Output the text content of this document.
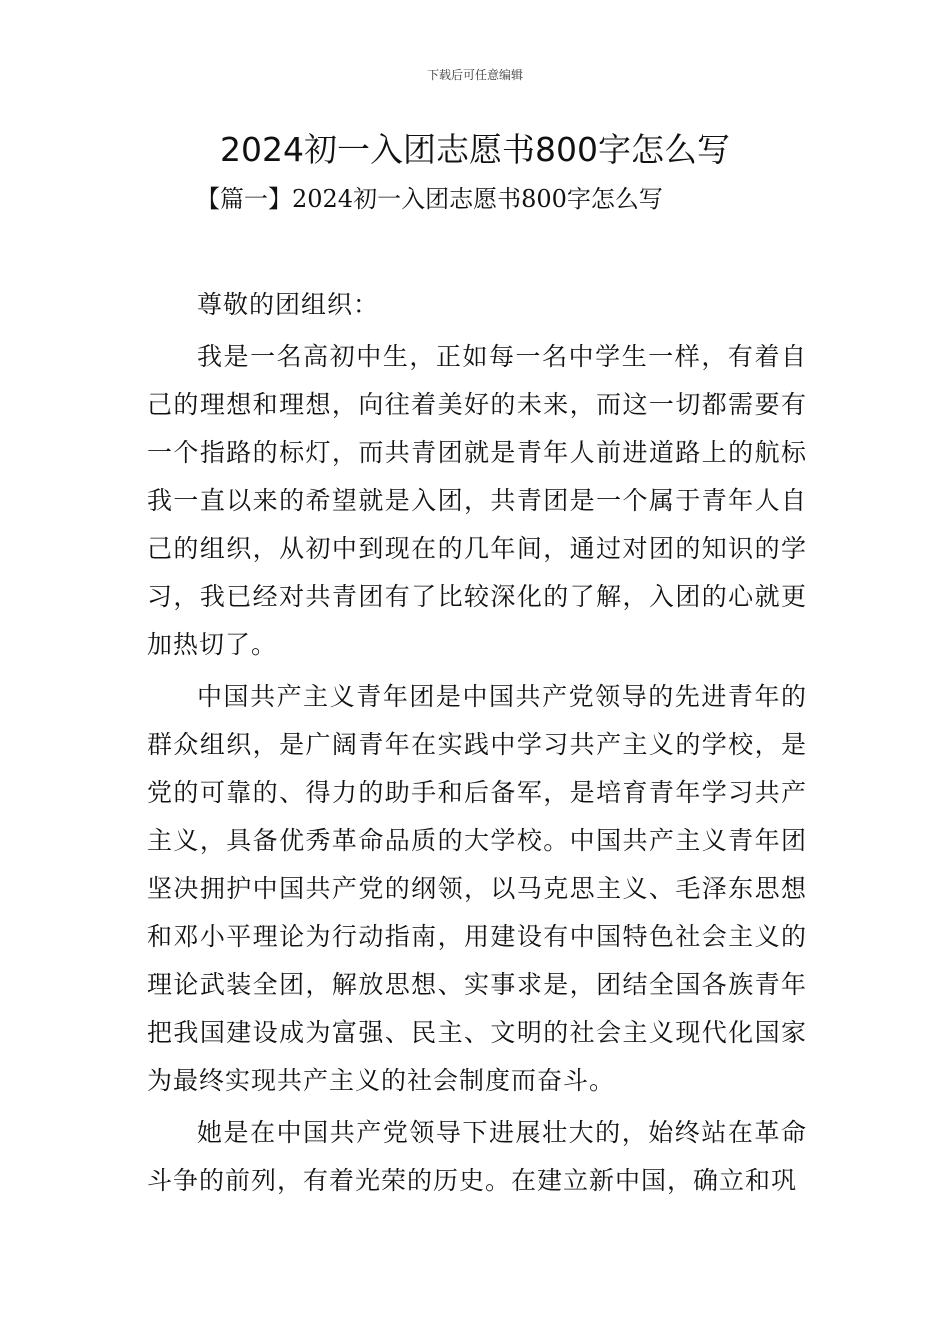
下载后可任意编辑
2024初一入团志愿书800字怎么写
【篇一】2024初一入团志愿书800字怎么写

尊敬的团组织：

我是一名高初中生，正如每一名中学生一样，有着自己的理想和理想，向往着美好的未来，而这一切都需要有一个指路的标灯，而共青团就是青年人前进道路上的航标我一直以来的希望就是入团，共青团是一个属于青年人自己的组织，从初中到现在的几年间，通过对团的知识的学习，我已经对共青团有了比较深化的了解，入团的心就更加热切了。

中国共产主义青年团是中国共产党领导的先进青年的群众组织，是广阔青年在实践中学习共产主义的学校，是党的可靠的、得力的助手和后备军，是培育青年学习共产主义，具备优秀革命品质的大学校。中国共产主义青年团坚决拥护中国共产党的纲领，以马克思主义、毛泽东思想和邓小平理论为行动指南，用建设有中国特色社会主义的理论武装全团，解放思想、实事求是，团结全国各族青年把我国建设成为富强、民主、文明的社会主义现代化国家为最终实现共产主义的社会制度而奋斗。

她是在中国共产党领导下进展壮大的，始终站在革命斗争的前列，有着光荣的历史。在建立新中国，确立和巩
